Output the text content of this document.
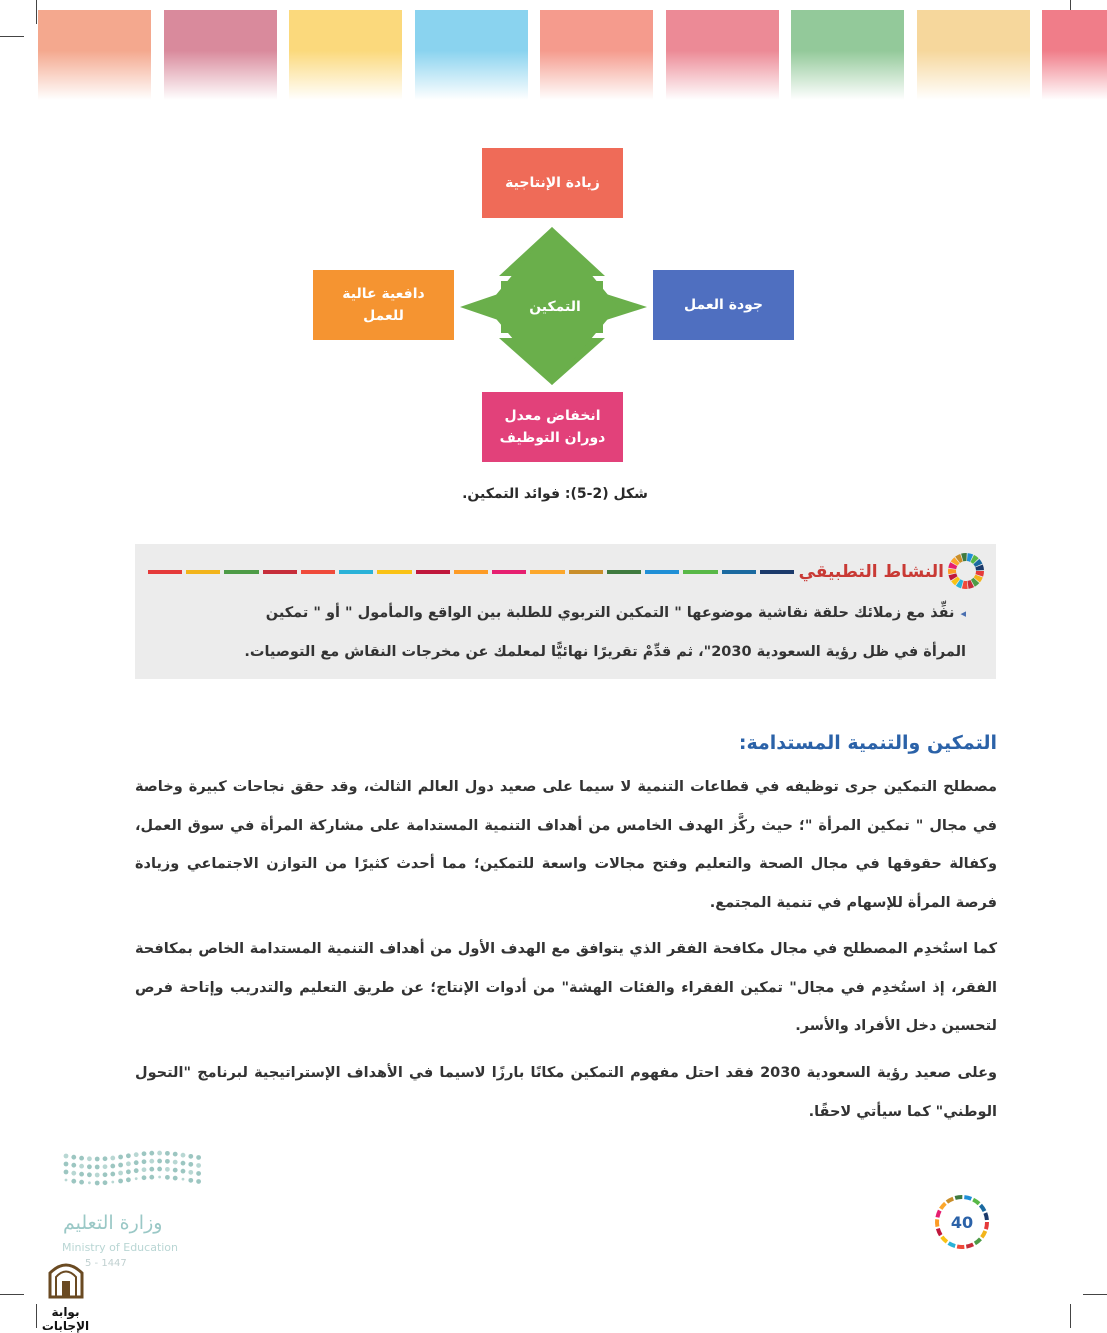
التمكين
زيادة الإنتاجية
جودة العمل
دافعية عالية
للعمل
انخفاض معدل
دوران التوظيف
شكل (2-5): فوائد التمكين.
النشاط التطبيقي
◂نفِّذ مع زملائك حلقة نقاشية موضوعها " التمكين التربوي للطلبة بين الواقع والمأمول " أو " تمكين
المرأة في ظل رؤية السعودية 2030"، ثم قدِّمْ تقريرًا نهائيًّا لمعلمك عن مخرجات النقاش مع التوصيات.
التمكين والتنمية المستدامة:
مصطلح التمكين جرى توظيفه في قطاعات التنمية لا سيما على صعيد دول العالم الثالث، وقد حقق نجاحات كبيرة وخاصة في مجال " تمكين المرأة "؛ حيث ركَّز الهدف الخامس من أهداف التنمية المستدامة على مشاركة المرأة في سوق العمل، وكفالة حقوقها في مجال الصحة والتعليم وفتح مجالات واسعة للتمكين؛ مما أحدث كثيرًا من التوازن الاجتماعي وزيادة فرصة المرأة للإسهام في تنمية المجتمع.
كما استُخدِم المصطلح في مجال مكافحة الفقر الذي يتوافق مع الهدف الأول من أهداف التنمية المستدامة الخاص بمكافحة الفقر، إذ استُخدِم في مجال" تمكين الفقراء والفئات الهشة" من أدوات الإنتاج؛ عن طريق التعليم والتدريب وإتاحة فرص لتحسين دخل الأفراد والأسر.
وعلى صعيد رؤية السعودية 2030 فقد احتل مفهوم التمكين مكانًا بارزًا لاسيما في الأهداف الإستراتيجية لبرنامج "التحول الوطني" كما سيأتي لاحقًا.
وزارة التعليم
Ministry of Education
5 - 1447
بوابة الإجابات
40
